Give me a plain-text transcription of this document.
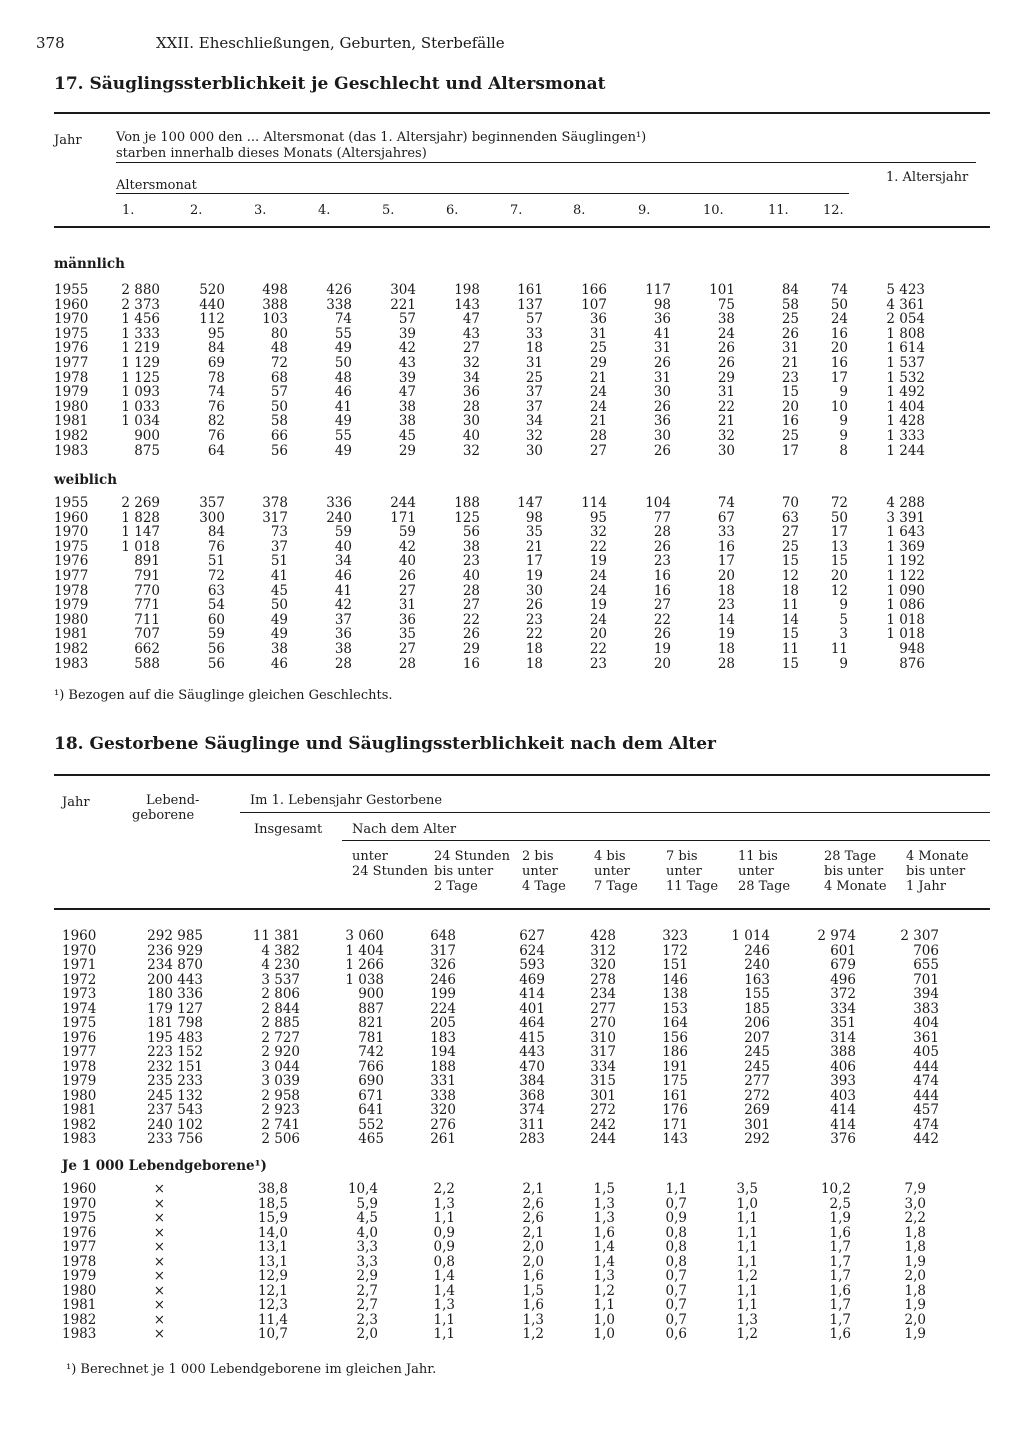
378	XXII. Eheschließungen, Geburten, Sterbefälle
17. Säuglingssterblichkeit je Geschlecht und Altersmonat
Jahr	Von je 100 000 den ... Altersmonat (das 1. Altersjahr) beginnenden Säuglingen¹)
starben innerhalb dieses Monats (Altersjahres)
Altersmonat
1. Altersjahr
1.	2.	3.	4.	5.	6.	7.	8.	9.	10.	11.	12.
männlich
1955	2 880	520	498	426	304	198	161	166	117	101	84	74	5 423
1960	2 373	440	388	338	221	143	137	107	98	75	58	50	4 361
1970	1 456	112	103	74	57	47	57	36	36	38	25	24	2 054
1975	1 333	95	80	55	39	43	33	31	41	24	26	16	1 808
1976	1 219	84	48	49	42	27	18	25	31	26	31	20	1 614
1977	1 129	69	72	50	43	32	31	29	26	26	21	16	1 537
1978	1 125	78	68	48	39	34	25	21	31	29	23	17	1 532
1979	1 093	74	57	46	47	36	37	24	30	31	15	9	1 492
1980	1 033	76	50	41	38	28	37	24	26	22	20	10	1 404
1981	1 034	82	58	49	38	30	34	21	36	21	16	9	1 428
1982	900	76	66	55	45	40	32	28	30	32	25	9	1 333
1983	875	64	56	49	29	32	30	27	26	30	17	8	1 244
weiblich
1955	2 269	357	378	336	244	188	147	114	104	74	70	72	4 288
1960	1 828	300	317	240	171	125	98	95	77	67	63	50	3 391
1970	1 147	84	73	59	59	56	35	32	28	33	27	17	1 643
1975	1 018	76	37	40	42	38	21	22	26	16	25	13	1 369
1976	891	51	51	34	40	23	17	19	23	17	15	15	1 192
1977	791	72	41	46	26	40	19	24	16	20	12	20	1 122
1978	770	63	45	41	27	28	30	24	16	18	18	12	1 090
1979	771	54	50	42	31	27	26	19	27	23	11	9	1 086
1980	711	60	49	37	36	22	23	24	22	14	14	5	1 018
1981	707	59	49	36	35	26	22	20	26	19	15	3	1 018
1982	662	56	38	38	27	29	18	22	19	18	11	11	948
1983	588	56	46	28	28	16	18	23	20	28	15	9	876
¹) Bezogen auf die Säuglinge gleichen Geschlechts.
18. Gestorbene Säuglinge und Säuglingssterblichkeit nach dem Alter
Jahr	Lebend-
geborene
Im 1. Lebensjahr Gestorbene
Insgesamt Nach dem Alter
unter
24 Stunden
24 Stunden
bis unter
2 Tage
2 bis
unter
4 Tage
4 bis
unter
7 Tage
7 bis
unter
11 Tage
11 bis
unter
28 Tage
28 Tage
bis unter
4 Monate
4 Monate
bis unter
1 Jahr
1960	292 985	11 381	3 060	648	627	428	323	1 014	2 974	2 307
1970	236 929	4 382	1 404	317	624	312	172	246	601	706
1971	234 870	4 230	1 266	326	593	320	151	240	679	655
1972	200 443	3 537	1 038	246	469	278	146	163	496	701
1973	180 336	2 806	900	199	414	234	138	155	372	394
1974	179 127	2 844	887	224	401	277	153	185	334	383
1975	181 798	2 885	821	205	464	270	164	206	351	404
1976	195 483	2 727	781	183	415	310	156	207	314	361
1977	223 152	2 920	742	194	443	317	186	245	388	405
1978	232 151	3 044	766	188	470	334	191	245	406	444
1979	235 233	3 039	690	331	384	315	175	277	393	474
1980	245 132	2 958	671	338	368	301	161	272	403	444
1981	237 543	2 923	641	320	374	272	176	269	414	457
1982	240 102	2 741	552	276	311	242	171	301	414	474
1983	233 756	2 506	465	261	283	244	143	292	376	442
Je 1 000 Lebendgeborene¹)
1960	×	38,8	10,4	2,2	2,1	1,5	1,1	3,5	10,2	7,9
1970	×	18,5	5,9	1,3	2,6	1,3	0,7	1,0	2,5	3,0
1975	×	15,9	4,5	1,1	2,6	1,3	0,9	1,1	1,9	2,2
1976	×	14,0	4,0	0,9	2,1	1,6	0,8	1,1	1,6	1,8
1977	×	13,1	3,3	0,9	2,0	1,4	0,8	1,1	1,7	1,8
1978	×	13,1	3,3	0,8	2,0	1,4	0,8	1,1	1,7	1,9
1979	×	12,9	2,9	1,4	1,6	1,3	0,7	1,2	1,7	2,0
1980	×	12,1	2,7	1,4	1,5	1,2	0,7	1,1	1,6	1,8
1981	×	12,3	2,7	1,3	1,6	1,1	0,7	1,1	1,7	1,9
1982	×	11,4	2,3	1,1	1,3	1,0	0,7	1,3	1,7	2,0
1983	×	10,7	2,0	1,1	1,2	1,0	0,6	1,2	1,6	1,9
¹) Berechnet je 1 000 Lebendgeborene im gleichen Jahr.
